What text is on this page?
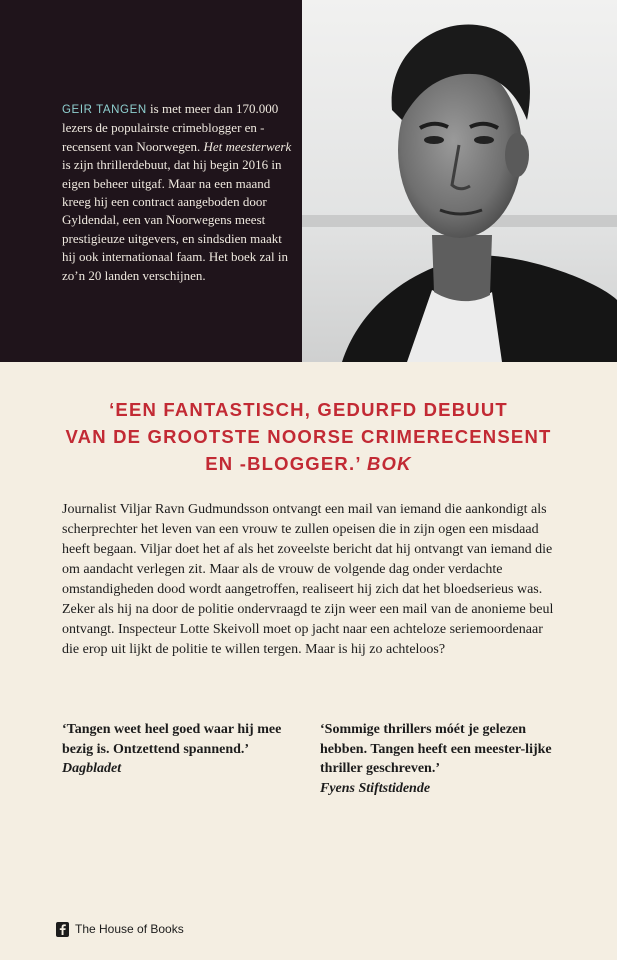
GEIR TANGEN is met meer dan 170.000 lezers de populairste crimeblogger en -recensent van Noorwegen. Het meesterwerk is zijn thrillerdebuut, dat hij begin 2016 in eigen beheer uitgaf. Maar na een maand kreeg hij een contract aangeboden door Gyldendal, een van Noorwegens meest prestigieuze uitgevers, en sindsdien maakt hij ook internationaal faam. Het boek zal in zo’n 20 landen verschijnen.

‘EEN FANTASTISCH, GEDURFD DEBUUT
VAN DE GROOTSTE NOORSE CRIMERECENSENT
EN -BLOGGER.’ BOK

Journalist Viljar Ravn Gudmundsson ontvangt een mail van iemand die aankondigt als scherprechter het leven van een vrouw te zullen opeisen die in zijn ogen een misdaad heeft begaan. Viljar doet het af als het zoveelste bericht dat hij ontvangt van iemand die om aandacht verlegen zit. Maar als de vrouw de volgende dag onder verdachte omstandigheden dood wordt aangetroffen, realiseert hij zich dat het bloedserieus was. Zeker als hij na door de politie ondervraagd te zijn weer een mail van de anonieme beul ontvangt. Inspecteur Lotte Skeivoll moet op jacht naar een achteloze seriemoordenaar die erop uit lijkt de politie te willen tergen. Maar is hij zo achteloos?

‘Tangen weet heel goed waar hij mee bezig is. Ontzettend spannend.’
Dagbladet
‘Sommige thrillers móét je gelezen hebben. Tangen heeft een meester-lijke thriller geschreven.’
Fyens Stiftstidende
The House of Books
